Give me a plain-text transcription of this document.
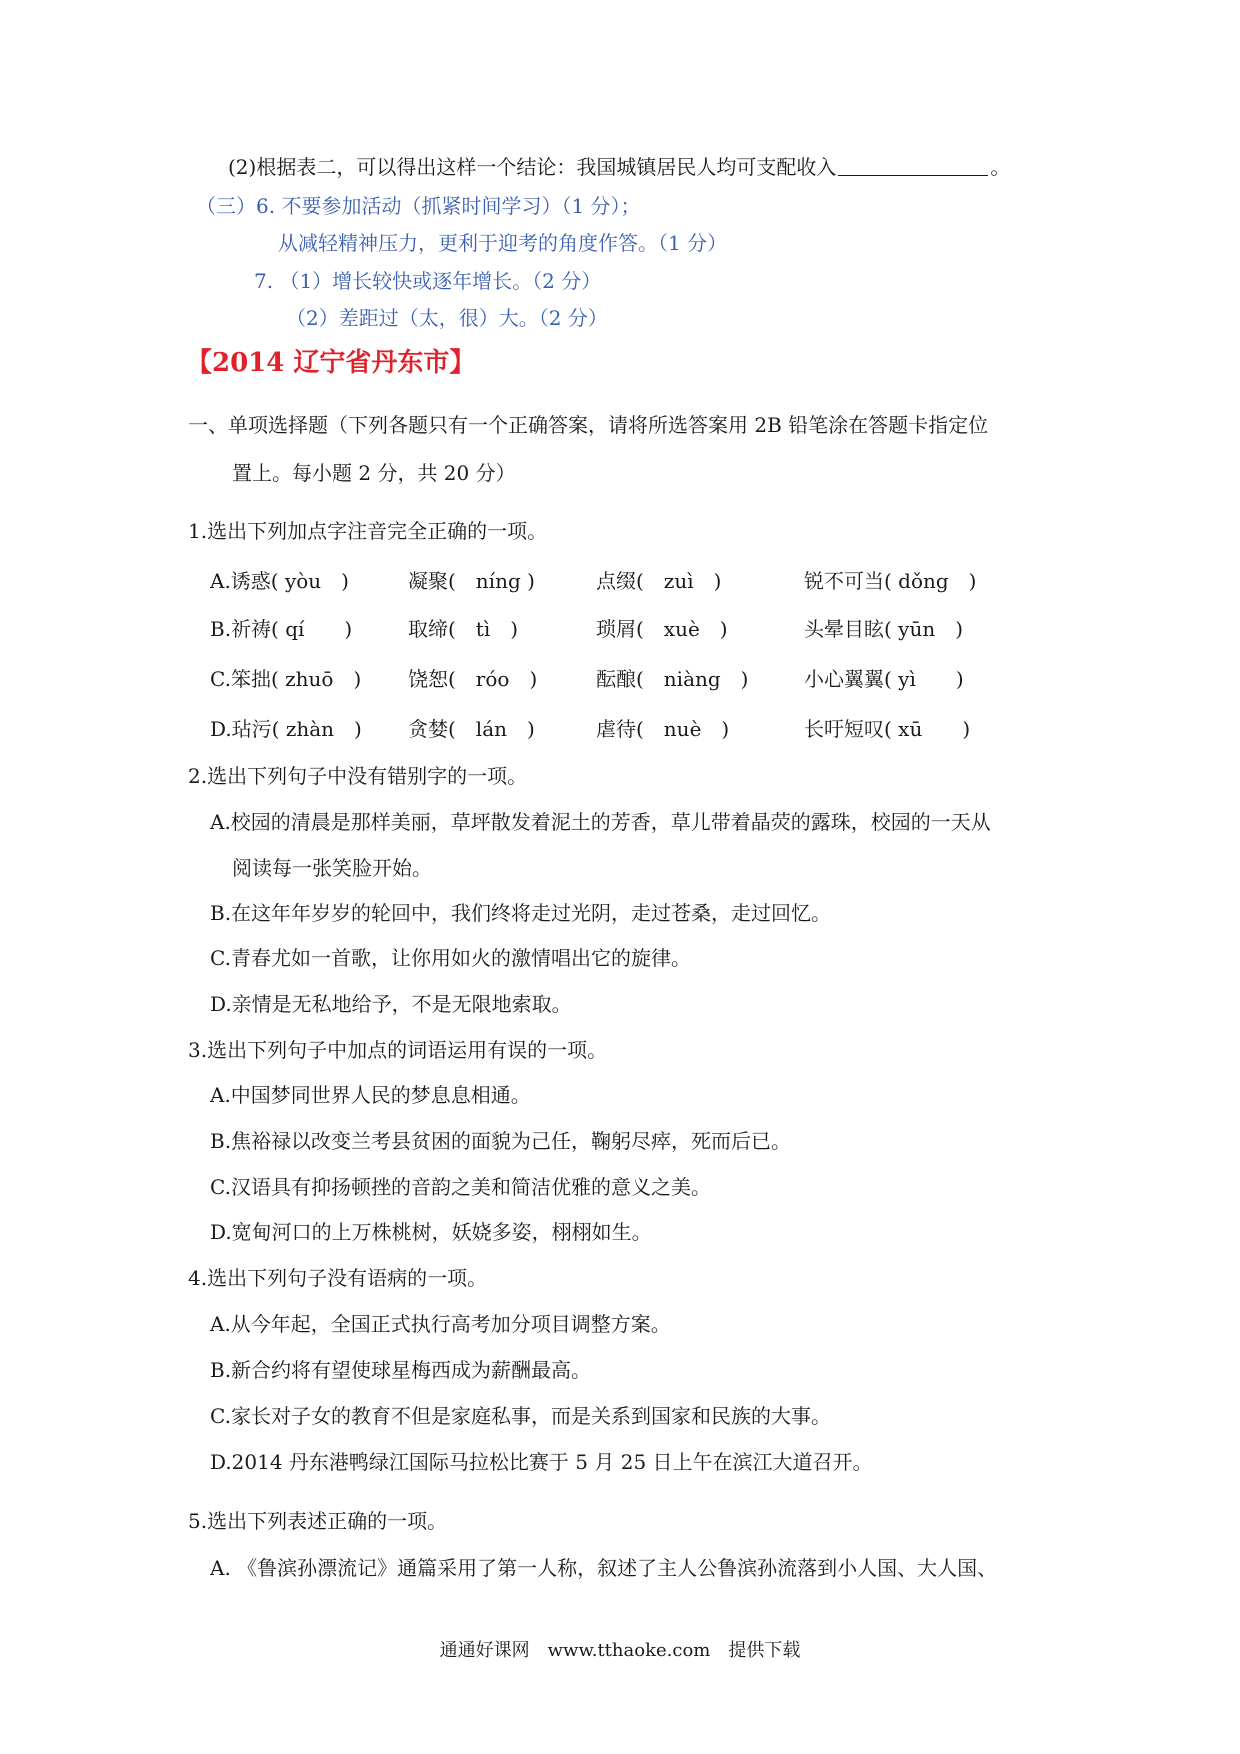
(2)根据表二，可以得出这样一个结论：我国城镇居民人均可支配收入	。
（三）6. 不要参加活动（抓紧时间学习）（1 分）；
从减轻精神压力，更利于迎考的角度作答。（1 分）
7. （1）增长较快或逐年增长。（2 分）
（2）差距过（太，很）大。（2 分）
【2014 辽宁省丹东市】
一、单项选择题（下列各题只有一个正确答案，请将所选答案用 2B 铅笔涂在答题卡指定位
置上。每小题 2 分，共 20 分）
1.选出下列加点字注音完全正确的一项。
A.诱惑( yòu　)	凝聚(　níng )	点缀(　zuì　)	锐不可当( dǒng　)
B.祈祷( qí　　)	取缔(　tì　)	琐屑(　xuè　)	头晕目眩( yūn　)
C.笨拙( zhuō　) 饶恕(　róo　)	酝酿(　niàng　)	小心翼翼( yì　　)
D.玷污( zhàn　) 贪婪(　lán　)	虐待(　nuè　)	长吁短叹( xū　　)
2.选出下列句子中没有错别字的一项。
A.校园的清晨是那样美丽，草坪散发着泥土的芳香，草儿带着晶荧的露珠，校园的一天从
阅读每一张笑脸开始。
B.在这年年岁岁的轮回中，我们终将走过光阴，走过苍桑，走过回忆。
C.青春尤如一首歌，让你用如火的激情唱出它的旋律。
D.亲情是无私地给予，不是无限地索取。
3.选出下列句子中加点的词语运用有误的一项。
A.中国梦同世界人民的梦息息相通。
B.焦裕禄以改变兰考县贫困的面貌为己任，鞠躬尽瘁，死而后已。
C.汉语具有抑扬顿挫的音韵之美和简洁优雅的意义之美。
D.宽甸河口的上万株桃树，妖娆多姿，栩栩如生。
4.选出下列句子没有语病的一项。
A.从今年起，全国正式执行高考加分项目调整方案。
B.新合约将有望使球星梅西成为薪酬最高。
C.家长对子女的教育不但是家庭私事，而是关系到国家和民族的大事。
D.2014 丹东港鸭绿江国际马拉松比赛于 5 月 25 日上午在滨江大道召开。
5.选出下列表述正确的一项。
A. 《鲁滨孙漂流记》通篇采用了第一人称，叙述了主人公鲁滨孙流落到小人国、大人国、
通通好课网　www.tthaoke.com　提供下载
